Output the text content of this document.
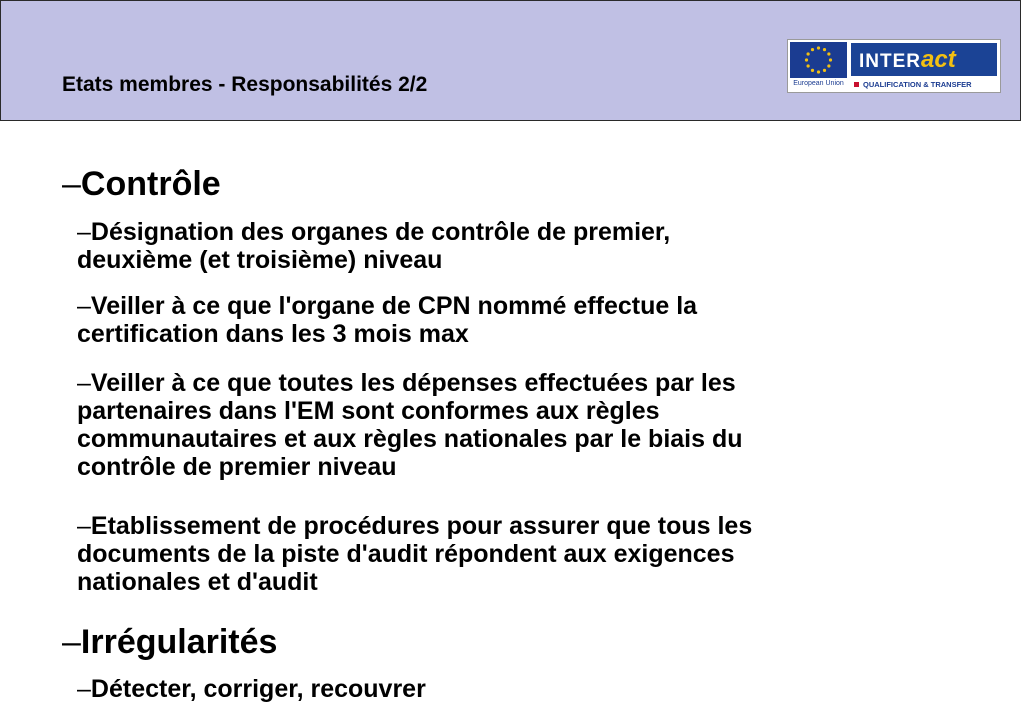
Etats membres - Responsabilités 2/2	European Union
INTERact
QUALIFICATION & TRANSFER
–Contrôle
–Désignation des organes de contrôle de premier,
deuxième (et troisième) niveau
–Veiller à ce que l'organe de CPN nommé effectue la
certification dans les 3 mois max
–Veiller à ce que toutes les dépenses effectuées par les
partenaires dans l'EM sont conformes aux règles
communautaires et aux règles nationales par le biais du
contrôle de premier niveau
–Etablissement de procédures pour assurer que tous les
documents de la piste d'audit répondent aux exigences
nationales et d'audit
–Irrégularités
–Détecter, corriger, recouvrer
